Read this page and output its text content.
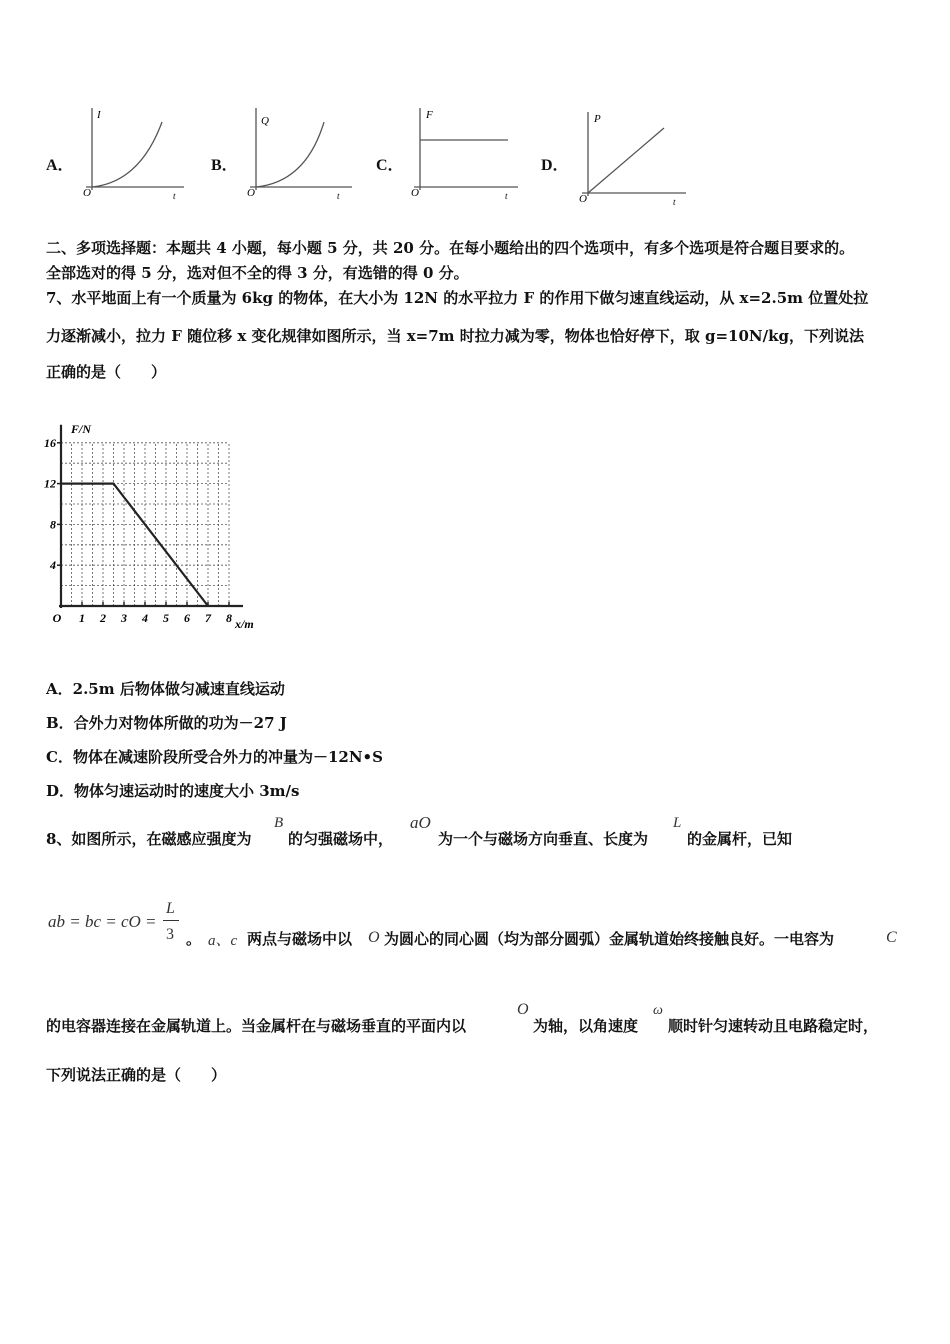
A．
I
O	t
B．
Q
O	t
C．
F
O	t
D．
P
O	t
二、多项选择题：本题共 4 小题，每小题 5 分，共 20 分。在每小题给出的四个选项中，有多个选项是符合题目要求的。
全部选对的得 5 分，选对但不全的得 3 分，有选错的得 0 分。
7、水平地面上有一个质量为 6kg 的物体，在大小为 12N 的水平拉力 F 的作用下做匀速直线运动，从 x=2.5m 位置处拉
力逐渐减小，拉力 F 随位移 x 变化规律如图所示，当 x=7m 时拉力减为零，物体也恰好停下，取 g=10N/kg，下列说法
正确的是（　　）
4
8
12
16
O 1 2 3 4 5 6 7 8
F/N
x/m
A．2.5m 后物体做匀减速直线运动
B．合外力对物体所做的功为－27 J
C．物体在减速阶段所受合外力的冲量为－12N•S
D．物体匀速运动时的速度大小 3m/s
8、如图所示，在磁感应强度为
B
的匀强磁场中，
aO
为一个与磁场方向垂直、长度为
L
的金属杆，已知
ab = bc = cO =
L
3 。 a、c 两点与磁场中以 O 为圆心的同心圆（均为部分圆弧）金属轨道始终接触良好。一电容为	C
的电容器连接在金属轨道上。当金属杆在与磁场垂直的平面内以
O
为轴，以角速度
ω
顺时针匀速转动且电路稳定时，
下列说法正确的是（　　）
